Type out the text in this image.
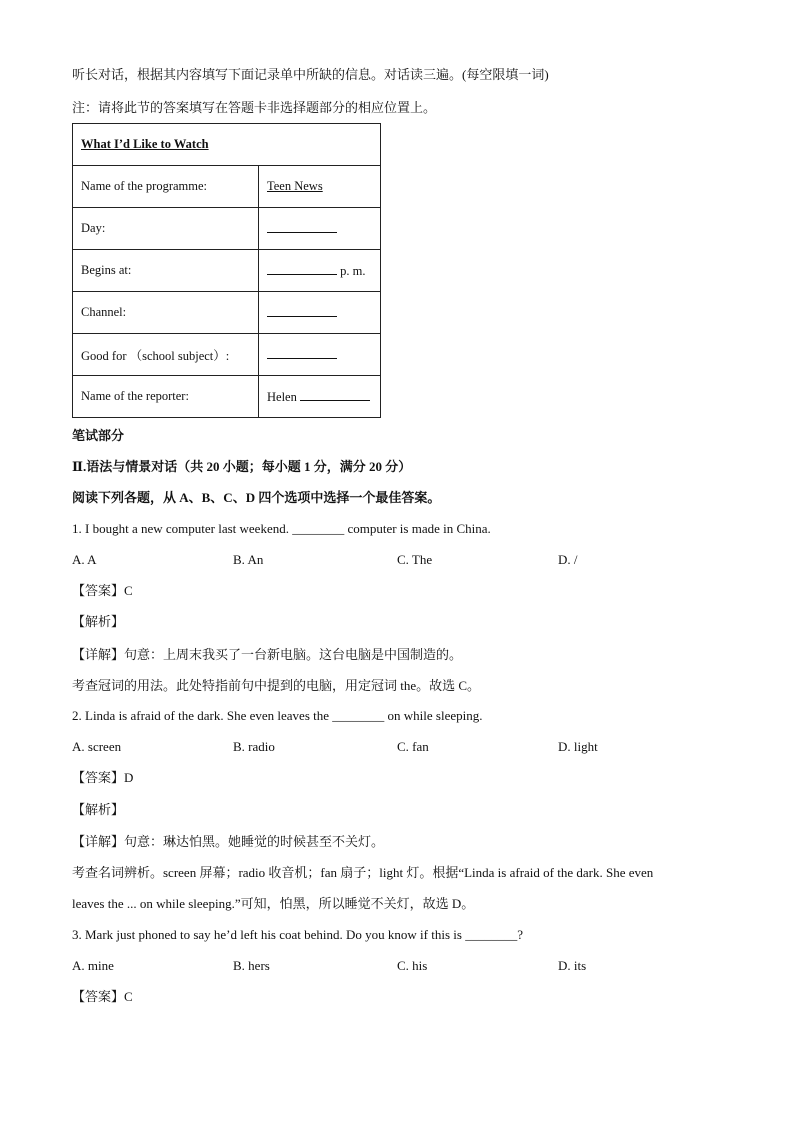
听长对话，根据其内容填写下面记录单中所缺的信息。对话读三遍。(每空限填一词)
注：请将此节的答案填写在答题卡非选择题部分的相应位置上。
What I’d Like to Watch	
Name of the programme:	Teen News
Day:	
Begins at:	p. m.
Channel:	
Good for （school subject）:	
Name of the reporter:	Helen
笔试部分
Ⅱ.语法与情景对话（共 20 小题；每小题 1 分，满分 20 分）
阅读下列各题，从 A、B、C、D 四个选项中选择一个最佳答案。
1. I bought a new computer last weekend. ________ computer is made in China.
A. A	B. An	C. The	D. /
【答案】C
【解析】
【详解】句意：上周末我买了一台新电脑。这台电脑是中国制造的。
考查冠词的用法。此处特指前句中提到的电脑，用定冠词 the。故选 C。
2. Linda is afraid of the dark. She even leaves the ________ on while sleeping.
A. screen	B. radio	C. fan	D. light
【答案】D
【解析】
【详解】句意：琳达怕黑。她睡觉的时候甚至不关灯。
考查名词辨析。screen 屏幕；radio 收音机；fan 扇子；light 灯。根据“Linda is afraid of the dark. She even
leaves the ... on while sleeping.”可知，怕黑，所以睡觉不关灯，故选 D。
3. Mark just phoned to say he’d left his coat behind. Do you know if this is ________?
A. mine	B. hers	C. his	D. its
【答案】C
